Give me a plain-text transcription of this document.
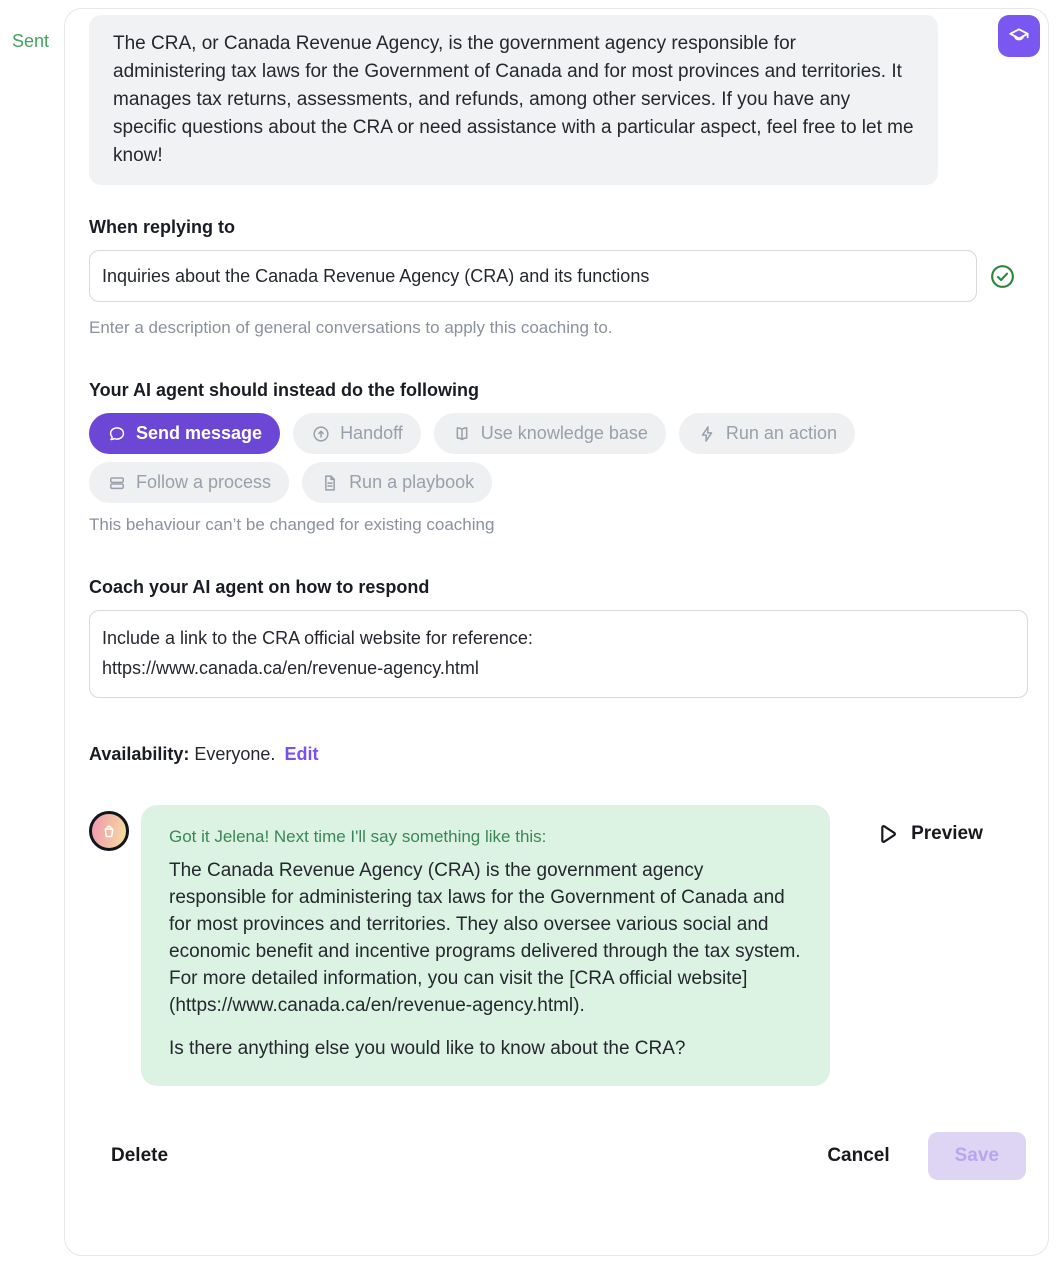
Sent	The CRA, or Canada Revenue Agency, is the government agency responsible for administering tax laws for the Government of Canada and for most provinces and territories. It manages tax returns, assessments, and refunds, among other services. If you have any specific questions about the CRA or need assistance with a particular aspect, feel free to let me know!
When replying to
Inquiries about the Canada Revenue Agency (CRA) and its functions
Enter a description of general conversations to apply this coaching to.
Your AI agent should instead do the following
Send message	Handoff	Use knowledge base	Run an action
Follow a process	Run a playbook
This behaviour can’t be changed for existing coaching
Coach your AI agent on how to respond
Include a link to the CRA official website for reference: https://www.canada.ca/en/revenue-agency.html
Availability: Everyone. Edit
Got it Jelena! Next time I'll say something like this:

The Canada Revenue Agency (CRA) is the government agency responsible for administering tax laws for the Government of Canada and for most provinces and territories. They also oversee various social and economic benefit and incentive programs delivered through the tax system. For more detailed information, you can visit the [CRA official website](https://www.canada.ca/en/revenue-agency.html).

Is there anything else you would like to know about the CRA?

Preview
Delete	Cancel	Save
